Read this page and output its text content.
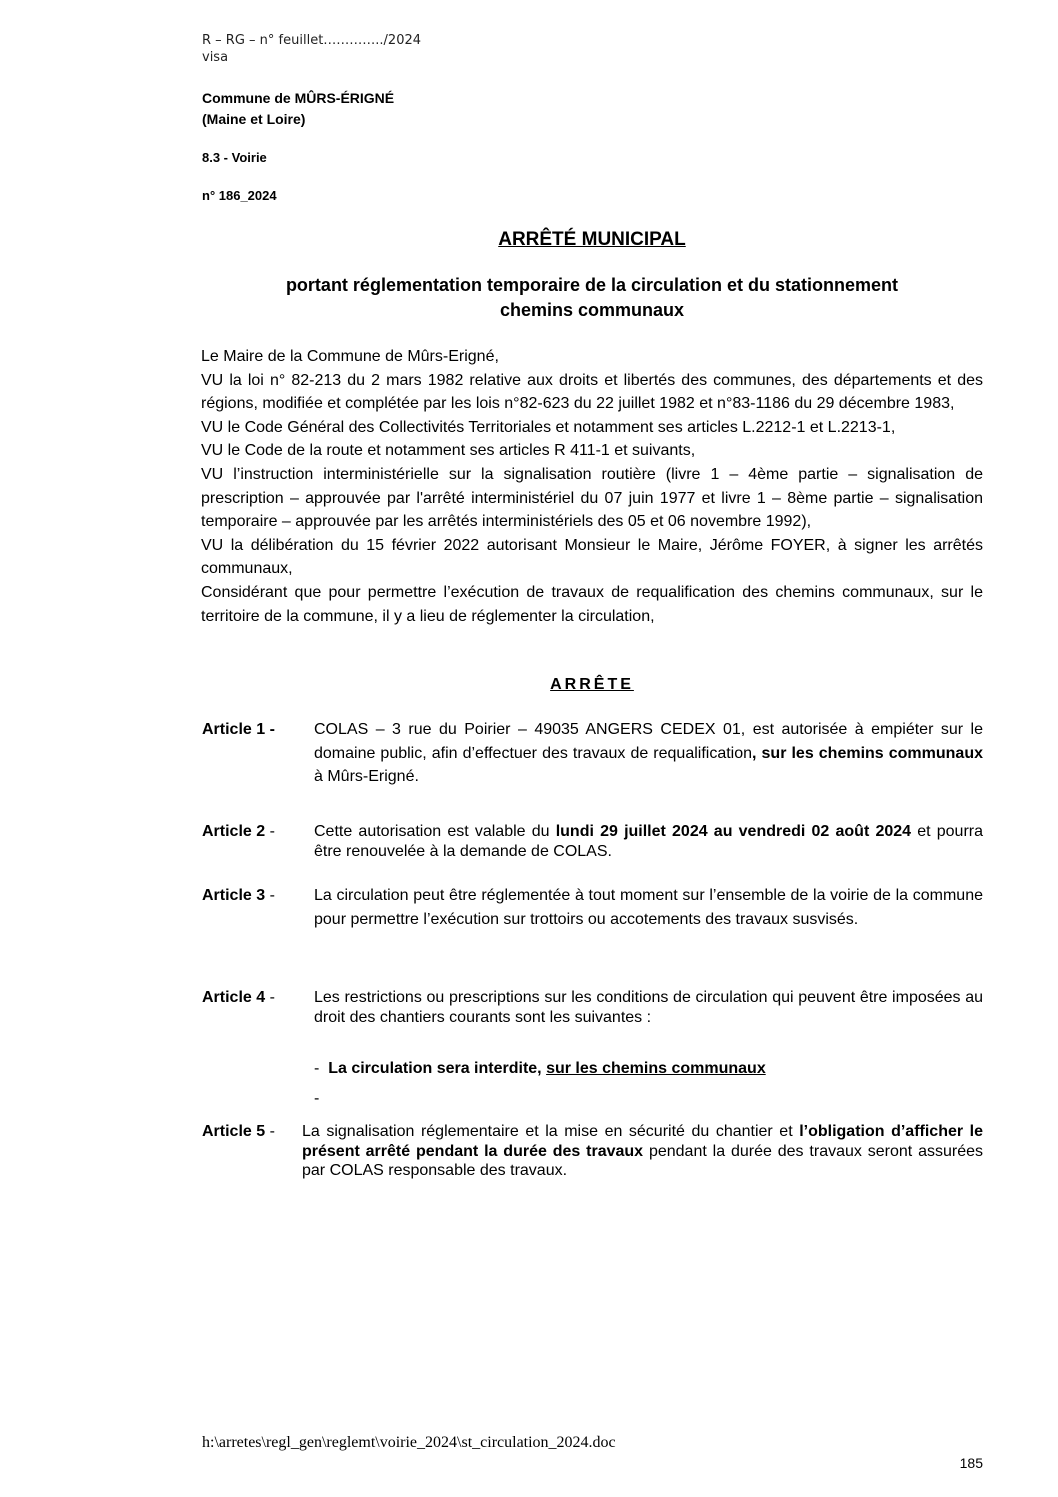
R – RG – n° feuillet…………../2024
visa
Commune de MÛRS-ÉRIGNÉ
(Maine et Loire)
8.3 - Voirie
n° 186_2024
ARRÊTÉ MUNICIPAL
portant réglementation temporaire de la circulation et du stationnement
chemins communaux

Le Maire de la Commune de Mûrs-Erigné,

VU la loi n° 82-213 du 2 mars 1982 relative aux droits et libertés des communes, des départements et des régions, modifiée et complétée par les lois n°82-623 du 22 juillet 1982 et n°83-1186 du 29 décembre 1983,

VU le Code Général des Collectivités Territoriales et notamment ses articles L.2212-1 et L.2213-1,

VU le Code de la route et notamment ses articles R 411-1 et suivants,

VU l’instruction interministérielle sur la signalisation routière (livre 1 – 4ème partie – signalisation de prescription – approuvée par l'arrêté interministériel du 07 juin 1977 et livre 1 – 8ème partie – signalisation temporaire – approuvée par les arrêtés interministériels des 05 et 06 novembre 1992),

VU la délibération du 15 février 2022 autorisant Monsieur le Maire, Jérôme FOYER, à signer les arrêtés communaux,

Considérant que pour permettre l’exécution de travaux de requalification des chemins communaux, sur le territoire de la commune, il y a lieu de réglementer la circulation,

ARRÊTE
Article 1 - COLAS – 3 rue du Poirier – 49035 ANGERS CEDEX 01, est autorisée à empiéter sur le domaine public, afin d’effectuer des travaux de requalification, sur les chemins communaux à Mûrs-Erigné.
Article 2 - Cette autorisation est valable du lundi 29 juillet 2024 au vendredi 02 août 2024 et pourra être renouvelée à la demande de COLAS.
Article 3 - La circulation peut être réglementée à tout moment sur l’ensemble de la voirie de la commune pour permettre l’exécution sur trottoirs ou accotements des travaux susvisés.
Article 4 - Les restrictions ou prescriptions sur les conditions de circulation qui peuvent être imposées au droit des chantiers courants sont les suivantes :
- La circulation sera interdite, sur les chemins communaux
-
Article 5 - La signalisation réglementaire et la mise en sécurité du chantier et l’obligation d’afficher le présent arrêté pendant la durée des travaux pendant la durée des travaux seront assurées par COLAS responsable des travaux.
h:\arretes\regl_gen\reglemt\voirie_2024\st_circulation_2024.doc
185
